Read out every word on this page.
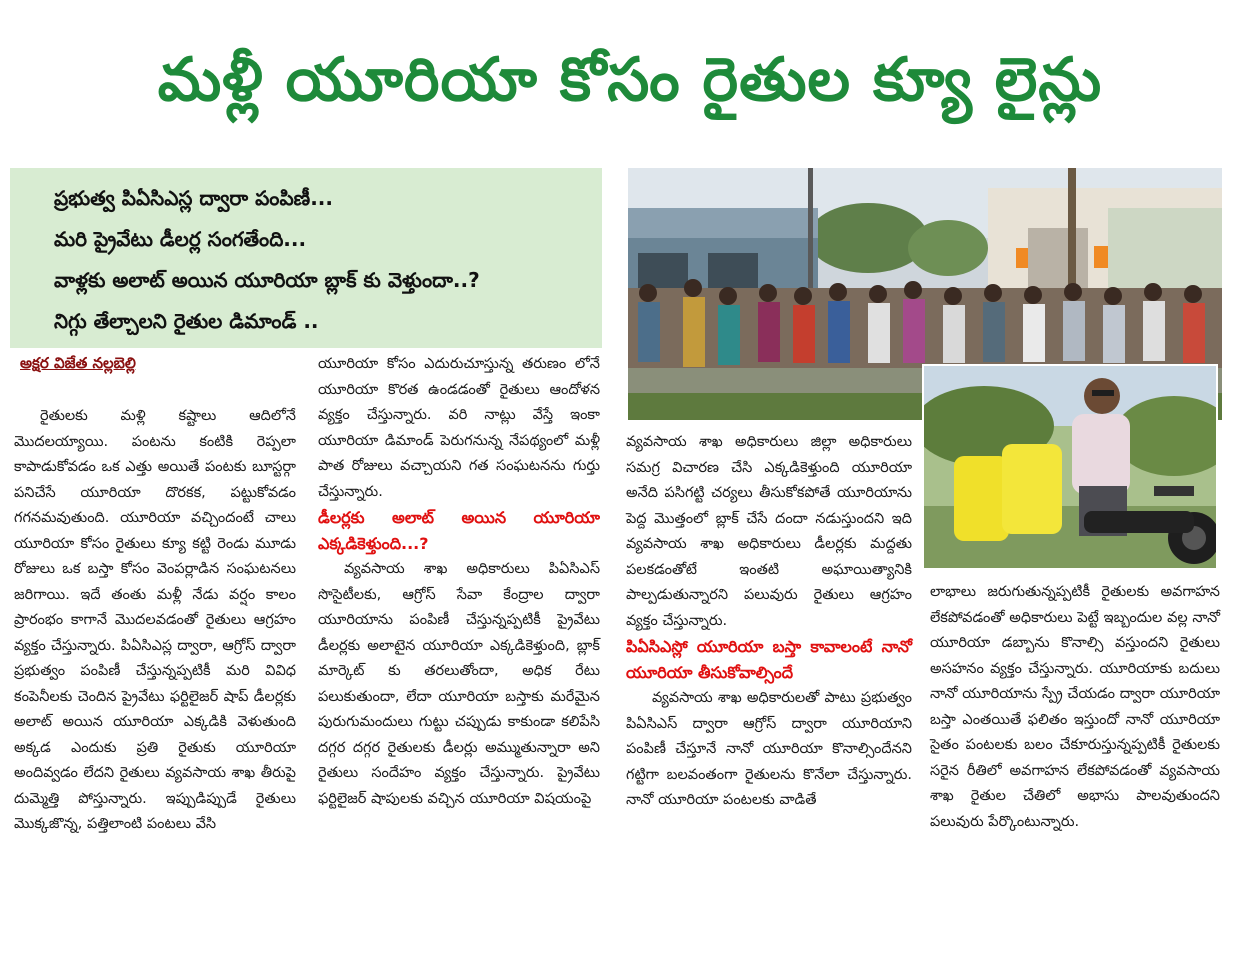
మళ్లీ యూరియా కోసం రైతుల క్యూ లైన్లు
ప్రభుత్వ పిఏసిఎస్ల ద్వారా పంపిణీ...
మరి ప్రైవేటు డీలర్ల సంగతేంది...
వాళ్లకు అలాట్ అయిన యూరియా బ్లాక్ కు వెళ్తుందా..?
నిగ్గు తేల్చాలని రైతుల డిమాండ్ ..
అక్షర విజేత నల్లబెల్లి

రైతులకు మళ్లి కష్టాలు ఆదిలోనే మొదలయ్యాయి. పంటను కంటికి రెప్పలా కాపాడుకోవడం ఒక ఎత్తు అయితే పంటకు బూస్టర్గా పనిచేసే యూరియా దొరకక, పట్టుకోవడం గగనమవుతుంది. యూరియా వచ్చిందంటే చాలు యూరియా కోసం రైతులు క్యూ కట్టి రెండు మూడు రోజులు ఒక బస్తా కోసం వెంపర్లాడిన సంఘటనలు జరిగాయి. ఇదే తంతు మళ్లీ నేడు వర్షం కాలం ప్రారంభం కాగానే మొదలవడంతో రైతులు ఆగ్రహం వ్యక్తం చేస్తున్నారు. పిఏసిఎస్ల ద్వారా, ఆగ్రోస్ ద్వారా ప్రభుత్వం పంపిణీ చేస్తున్నప్పటికీ మరి వివిధ కంపెనీలకు చెందిన ప్రైవేటు ఫర్టిలైజర్ షాప్ డీలర్లకు అలాట్ అయిన యూరియా ఎక్కడికి వెళుతుంది అక్కడ ఎందుకు ప్రతి రైతుకు యూరియా అందివ్వడం లేదని రైతులు వ్యవసాయ శాఖ తీరుపై దుమ్మెత్తి పోస్తున్నారు. ఇప్పుడిప్పుడే రైతులు మొక్కజొన్న, పత్తిలాంటి పంటలు వేసి

యూరియా కోసం ఎదురుచూస్తున్న తరుణం లోనే యూరియా కొరత ఉండడంతో రైతులు ఆందోళన వ్యక్తం చేస్తున్నారు. వరి నాట్లు వేస్తే ఇంకా యూరియా డిమాండ్ పెరుగనున్న నేపథ్యంలో మళ్లీ పాత రోజులు వచ్చాయని గత సంఘటనను గుర్తు చేస్తున్నారు.

డీలర్లకు అలాట్ అయిన యూరియా ఎక్కడికెళ్తుంది...?

వ్యవసాయ శాఖ అధికారులు పిఏసిఎస్ సొసైటీలకు, ఆగ్రోస్ సేవా కేంద్రాల ద్వారా యూరియాను పంపిణీ చేస్తున్నప్పటికీ ప్రైవేటు డీలర్లకు అలాటైన యూరియా ఎక్కడికెళ్తుంది, బ్లాక్ మార్కెట్ కు తరలుతోందా, అధిక రేటు పలుకుతుందా, లేదా యూరియా బస్తాకు మరేమైన పురుగుమందులు గుట్టు చప్పుడు కాకుండా కలిపేసి దగ్గర దగ్గర రైతులకు డీలర్లు అమ్ముతున్నారా అని రైతులు సందేహం వ్యక్తం చేస్తున్నారు. ప్రైవేటు ఫర్టిలైజర్ షాపులకు వచ్చిన యూరియా విషయంపై

వ్యవసాయ శాఖ అధికారులు జిల్లా అధికారులు సమగ్ర విచారణ చేసి ఎక్కడికెళ్తుంది యూరియా అనేది పసిగట్టి చర్యలు తీసుకోకపోతే యూరియాను పెద్ద మొత్తంలో బ్లాక్ చేసే దందా నడుస్తుందని ఇది వ్యవసాయ శాఖ అధికారులు డీలర్లకు మద్దతు పలకడంతోటే ఇంతటి అఘాయిత్యానికి పాల్పడుతున్నారని పలువురు రైతులు ఆగ్రహం వ్యక్తం చేస్తున్నారు.

పిఏసిఎస్లో యూరియా బస్తా కావాలంటే నానో యూరియా తీసుకోవాల్సిందే

వ్యవసాయ శాఖ అధికారులతో పాటు ప్రభుత్వం పిఏసిఎస్ ద్వారా ఆగ్రోస్ ద్వారా యూరియాని పంపిణీ చేస్తూనే నానో యూరియా కొనాల్సిందేనని గట్టిగా బలవంతంగా రైతులను కొనేలా చేస్తున్నారు. నానో యూరియా పంటలకు వాడితే

లాభాలు జరుగుతున్నప్పటికీ రైతులకు అవగాహన లేకపోవడంతో అధికారులు పెట్టే ఇబ్బందుల వల్ల నానో యూరియా డబ్బాను కొనాల్సి వస్తుందని రైతులు అసహనం వ్యక్తం చేస్తున్నారు. యూరియాకు బదులు నానో యూరియాను స్ప్రే చేయడం ద్వారా యూరియా బస్తా ఎంతయితే ఫలితం ఇస్తుందో నానో యూరియా సైతం పంటలకు బలం చేకూరుస్తున్నప్పటికీ రైతులకు సరైన రీతిలో అవగాహన లేకపోవడంతో వ్యవసాయ శాఖ రైతుల చేతిలో అభాసు పాలవుతుందని పలువురు పేర్కొంటున్నారు.
